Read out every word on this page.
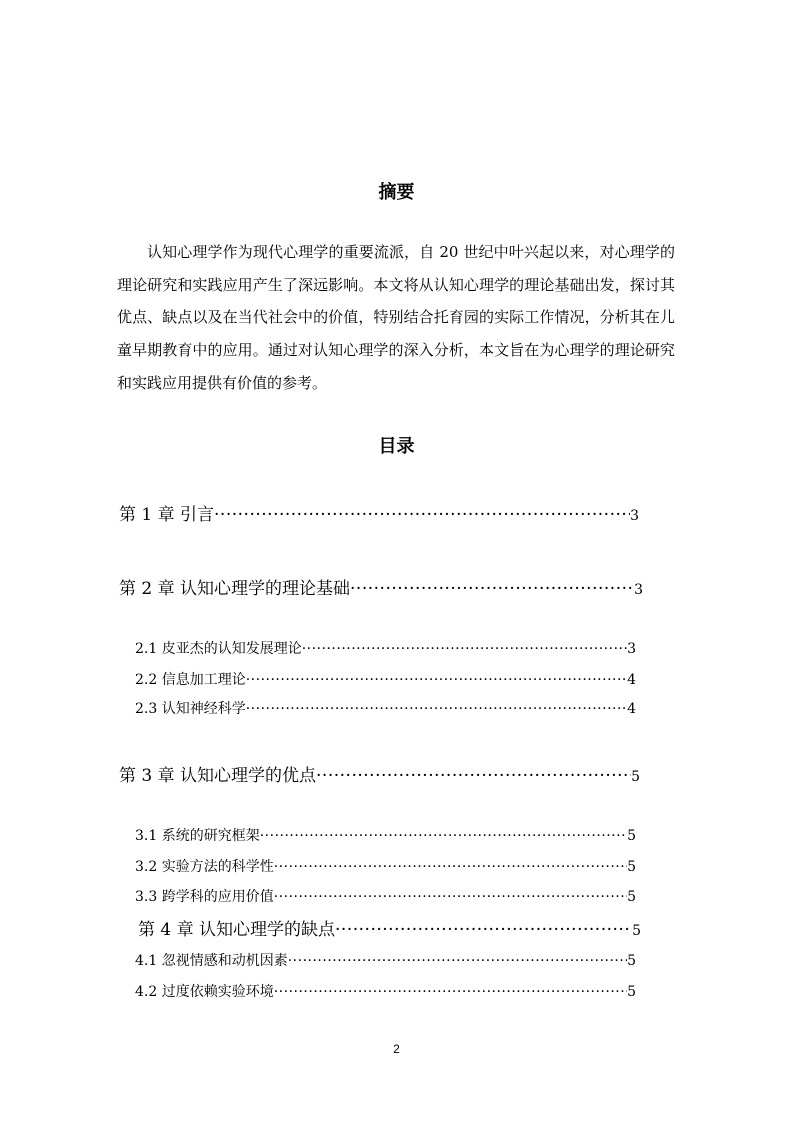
摘要

认知心理学作为现代心理学的重要流派，自 20 世纪中叶兴起以来，对心理学的理论研究和实践应用产生了深远影响。本文将从认知心理学的理论基础出发，探讨其优点、缺点以及在当代社会中的价值，特别结合托育园的实际工作情况，分析其在儿童早期教育中的应用。通过对认知心理学的深入分析，本文旨在为心理学的理论研究和实践应用提供有价值的参考。

目录
第 1 章 引言 ·····	3
第 2 章 认知心理学的理论基础 ·····	3
2.1 皮亚杰的认知发展理论 ·····	3
2.2 信息加工理论 ·····	4
2.3 认知神经科学 ·····	4
第 3 章 认知心理学的优点 ·····	5
3.1 系统的研究框架 ·····	5
3.2 实验方法的科学性 ·····	5
3.3 跨学科的应用价值 ·····	5
第 4 章 认知心理学的缺点 ·····	5
4.1 忽视情感和动机因素 ·····	5
4.2 过度依赖实验环境 ·····	5
2
